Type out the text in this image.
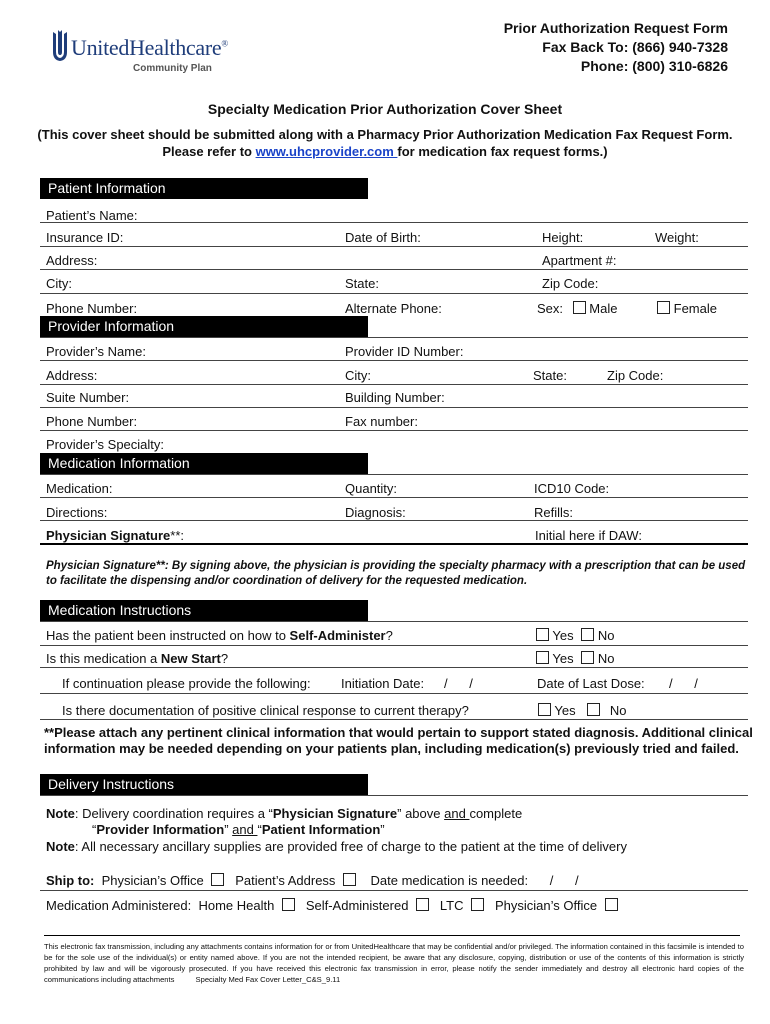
UnitedHealthcare®
Community Plan
Prior Authorization Request Form
Fax Back To: (866) 940-7328
Phone: (800) 310-6826
Specialty Medication Prior Authorization Cover Sheet
(This cover sheet should be submitted along with a Pharmacy Prior Authorization Medication Fax Request Form. Please refer to www.uhcprovider.com for medication fax request forms.)
Patient Information
Patient’s Name:
Insurance ID:	Date of Birth:	Height:	Weight:
Address:	Apartment #:
City:	State:	Zip Code:
Phone Number:	Alternate Phone:	Sex: Male	Female
Provider Information
Provider’s Name:	Provider ID Number:
Address:	City:	State:	Zip Code:
Suite Number:	Building Number:
Phone Number:	Fax number:
Provider’s Specialty:
Medication Information
Medication:	Quantity:	ICD10 Code:
Directions:	Diagnosis:	Refills:
Physician Signature**:	Initial here if DAW:
Physician Signature**: By signing above, the physician is providing the specialty pharmacy with a prescription that can be used to facilitate the dispensing and/or coordination of delivery for the requested medication.
Medication Instructions
Has the patient been instructed on how to Self-Administer?	Yes No
Is this medication a New Start?	Yes No
If continuation please provide the following: Initiation Date: /      /	Date of Last Dose: /      /
Is there documentation of positive clinical response to current therapy?	Yes	No
**Please attach any pertinent clinical information that would pertain to support stated diagnosis. Additional clinical information may be needed depending on your patients plan, including medication(s) previously tried and failed.
Delivery Instructions
Note: Delivery coordination requires a “Physician Signature” above and complete
“Provider Information” and “Patient Information”
Note: All necessary ancillary supplies are provided free of charge to the patient at the time of delivery
Ship to: Physician’s Office Patient’s Address	Date medication is needed: /      /
Medication Administered: Home Health Self-Administered LTC Physician’s Office
This electronic fax transmission, including any attachments contains information for or from UnitedHealthcare that may be confidential and/or privileged. The information contained in this facsimile is intended to be for the sole use of the individual(s) or entity named above. If you are not the intended recipient, be aware that any disclosure, copying, distribution or use of the contents of this information is strictly prohibited by law and will be vigorously prosecuted. If you have received this electronic fax transmission in error, please notify the sender immediately and destroy all electronic hard copies of the communications including attachments	Specialty Med Fax Cover Letter_C&S_9.11
